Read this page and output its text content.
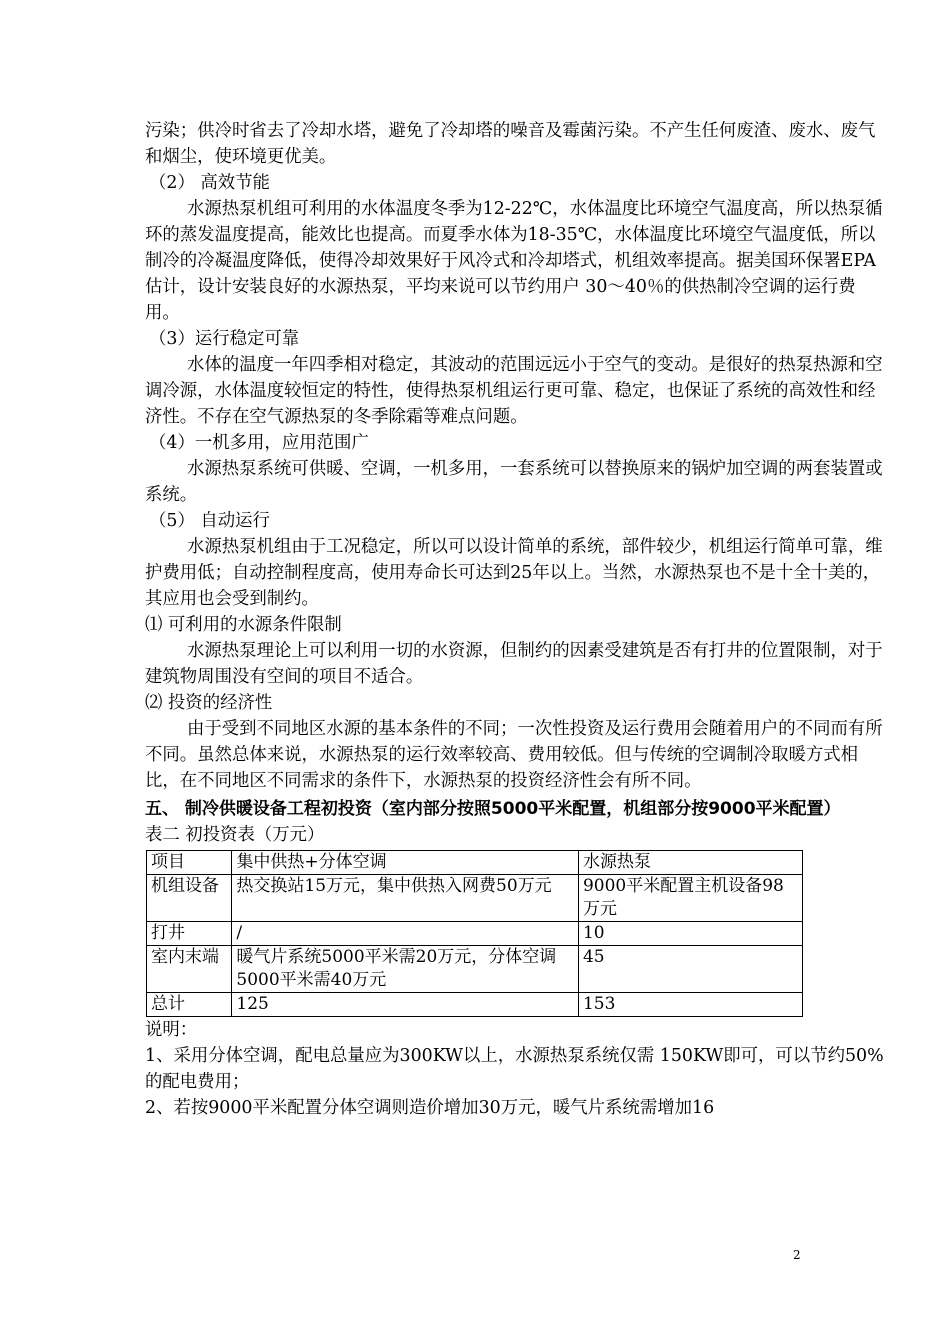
污染；供冷时省去了冷却水塔，避免了冷却塔的噪音及霉菌污染。不产生任何废渣、废水、废气和烟尘，使环境更优美。

（2） 高效节能

水源热泵机组可利用的水体温度冬季为12-22℃，水体温度比环境空气温度高，所以热泵循环的蒸发温度提高，能效比也提高。而夏季水体为18-35℃，水体温度比环境空气温度低，所以制冷的冷凝温度降低，使得冷却效果好于风冷式和冷却塔式，机组效率提高。据美国环保署EPA估计，设计安装良好的水源热泵，平均来说可以节约用户 30～40％的供热制冷空调的运行费用。

（3）运行稳定可靠

水体的温度一年四季相对稳定，其波动的范围远远小于空气的变动。是很好的热泵热源和空调冷源，水体温度较恒定的特性，使得热泵机组运行更可靠、稳定，也保证了系统的高效性和经济性。不存在空气源热泵的冬季除霜等难点问题。

（4）一机多用，应用范围广

水源热泵系统可供暖、空调，一机多用，一套系统可以替换原来的锅炉加空调的两套装置或系统。

（5） 自动运行

水源热泵机组由于工况稳定，所以可以设计简单的系统，部件较少，机组运行简单可靠，维护费用低；自动控制程度高，使用寿命长可达到25年以上。当然，水源热泵也不是十全十美的，其应用也会受到制约。

⑴ 可利用的水源条件限制

水源热泵理论上可以利用一切的水资源，但制约的因素受建筑是否有打井的位置限制，对于建筑物周围没有空间的项目不适合。

⑵ 投资的经济性

由于受到不同地区水源的基本条件的不同；一次性投资及运行费用会随着用户的不同而有所不同。虽然总体来说，水源热泵的运行效率较高、费用较低。但与传统的空调制冷取暖方式相比，在不同地区不同需求的条件下，水源热泵的投资经济性会有所不同。

五、 制冷供暖设备工程初投资（室内部分按照5000平米配置，机组部分按9000平米配置）

表二 初投资表（万元）

项目	集中供热+分体空调	水源热泵
机组设备	热交换站15万元，集中供热入网费50万元	9000平米配置主机设备98万元
打井	/	10
室内末端	暖气片系统5000平米需20万元，分体空调5000平米需40万元	45
总计	125	153

说明：

1、采用分体空调，配电总量应为300KW以上，水源热泵系统仅需 150KW即可，可以节约50%的配电费用；

2、若按9000平米配置分体空调则造价增加30万元，暖气片系统需增加16

2
